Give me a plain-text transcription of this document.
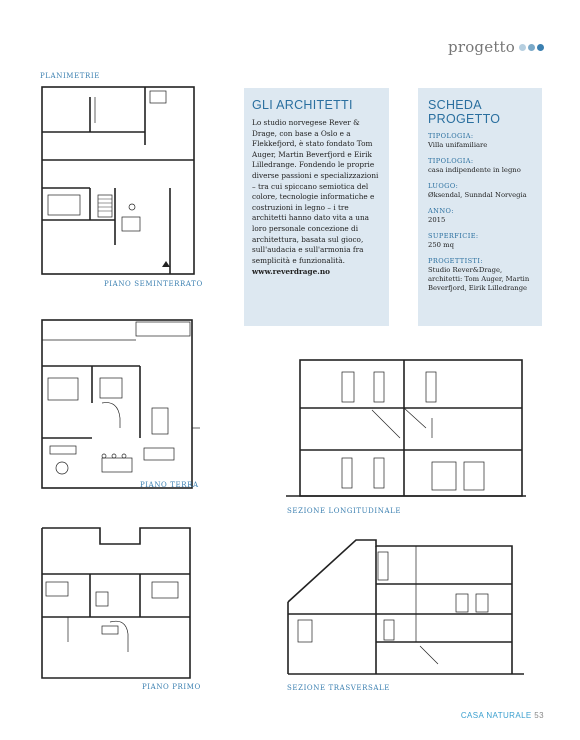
progetto
PLANIMETRIE
PIANO SEMINTERRATO
PIANO TERRA
PIANO PRIMO
GLI ARCHITETTI
Lo studio norvegese Rever & Drage, con base a Oslo e a Flekkefjord, è stato fondato Tom Auger, Martin Beverfjord e Eirik Lilledrange. Fondendo le proprie diverse passioni e specializzazioni – tra cui spiccano semiotica del colore, tecnologie informatiche e costruzioni in legno – i tre architetti hanno dato vita a una loro personale concezione di architettura, basata sul gioco, sull'audacia e sull'armonia fra semplicità e funzionalità.
www.reverdrage.no
SCHEDA PROGETTO
TIPOLOGIA:
Villa unifamiliare
TIPOLOGIA:
casa indipendente in legno
LUOGO:
Øksendal, Sunndal Norvegia
ANNO:
2015
SUPERFICIE:
250 mq
PROGETTISTI:
Studio Rever&Drage, architetti: Tom Auger, Martin Beverfjord, Eirik Lilledrange
SEZIONE LONGITUDINALE
SEZIONE TRASVERSALE
CASA NATURALE 53
